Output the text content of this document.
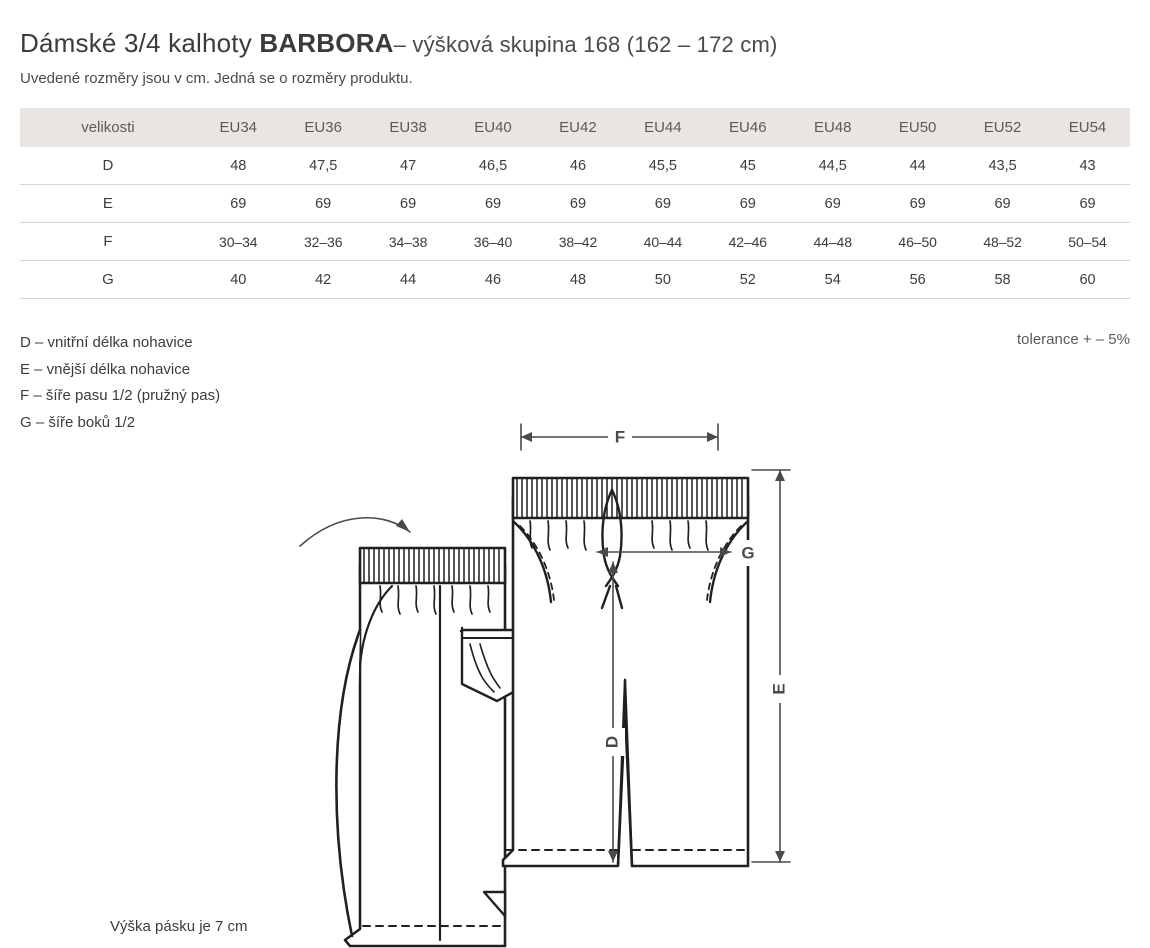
Dámské 3/4 kalhoty BARBORA– výšková skupina 168 (162 – 172 cm)
Uvedené rozměry jsou v cm. Jedná se o rozměry produktu.
velikosti	EU34	EU36	EU38	EU40	EU42	EU44	EU46	EU48	EU50	EU52	EU54
D	48	47,5	47	46,5	46	45,5	45	44,5	44	43,5	43
E	69	69	69	69	69	69	69	69	69	69	69
F	30–34	32–36	34–38	36–40	38–42	40–44	42–46	44–48	46–50	48–52	50–54
G	40	42	44	46	48	50	52	54	56	58	60
D – vnitřní délka nohavice
E – vnější délka nohavice
F – šíře pasu 1/2 (pružný pas)
G – šíře boků 1/2
tolerance + – 5%
F
G
E
D
Výška pásku je 7 cm
